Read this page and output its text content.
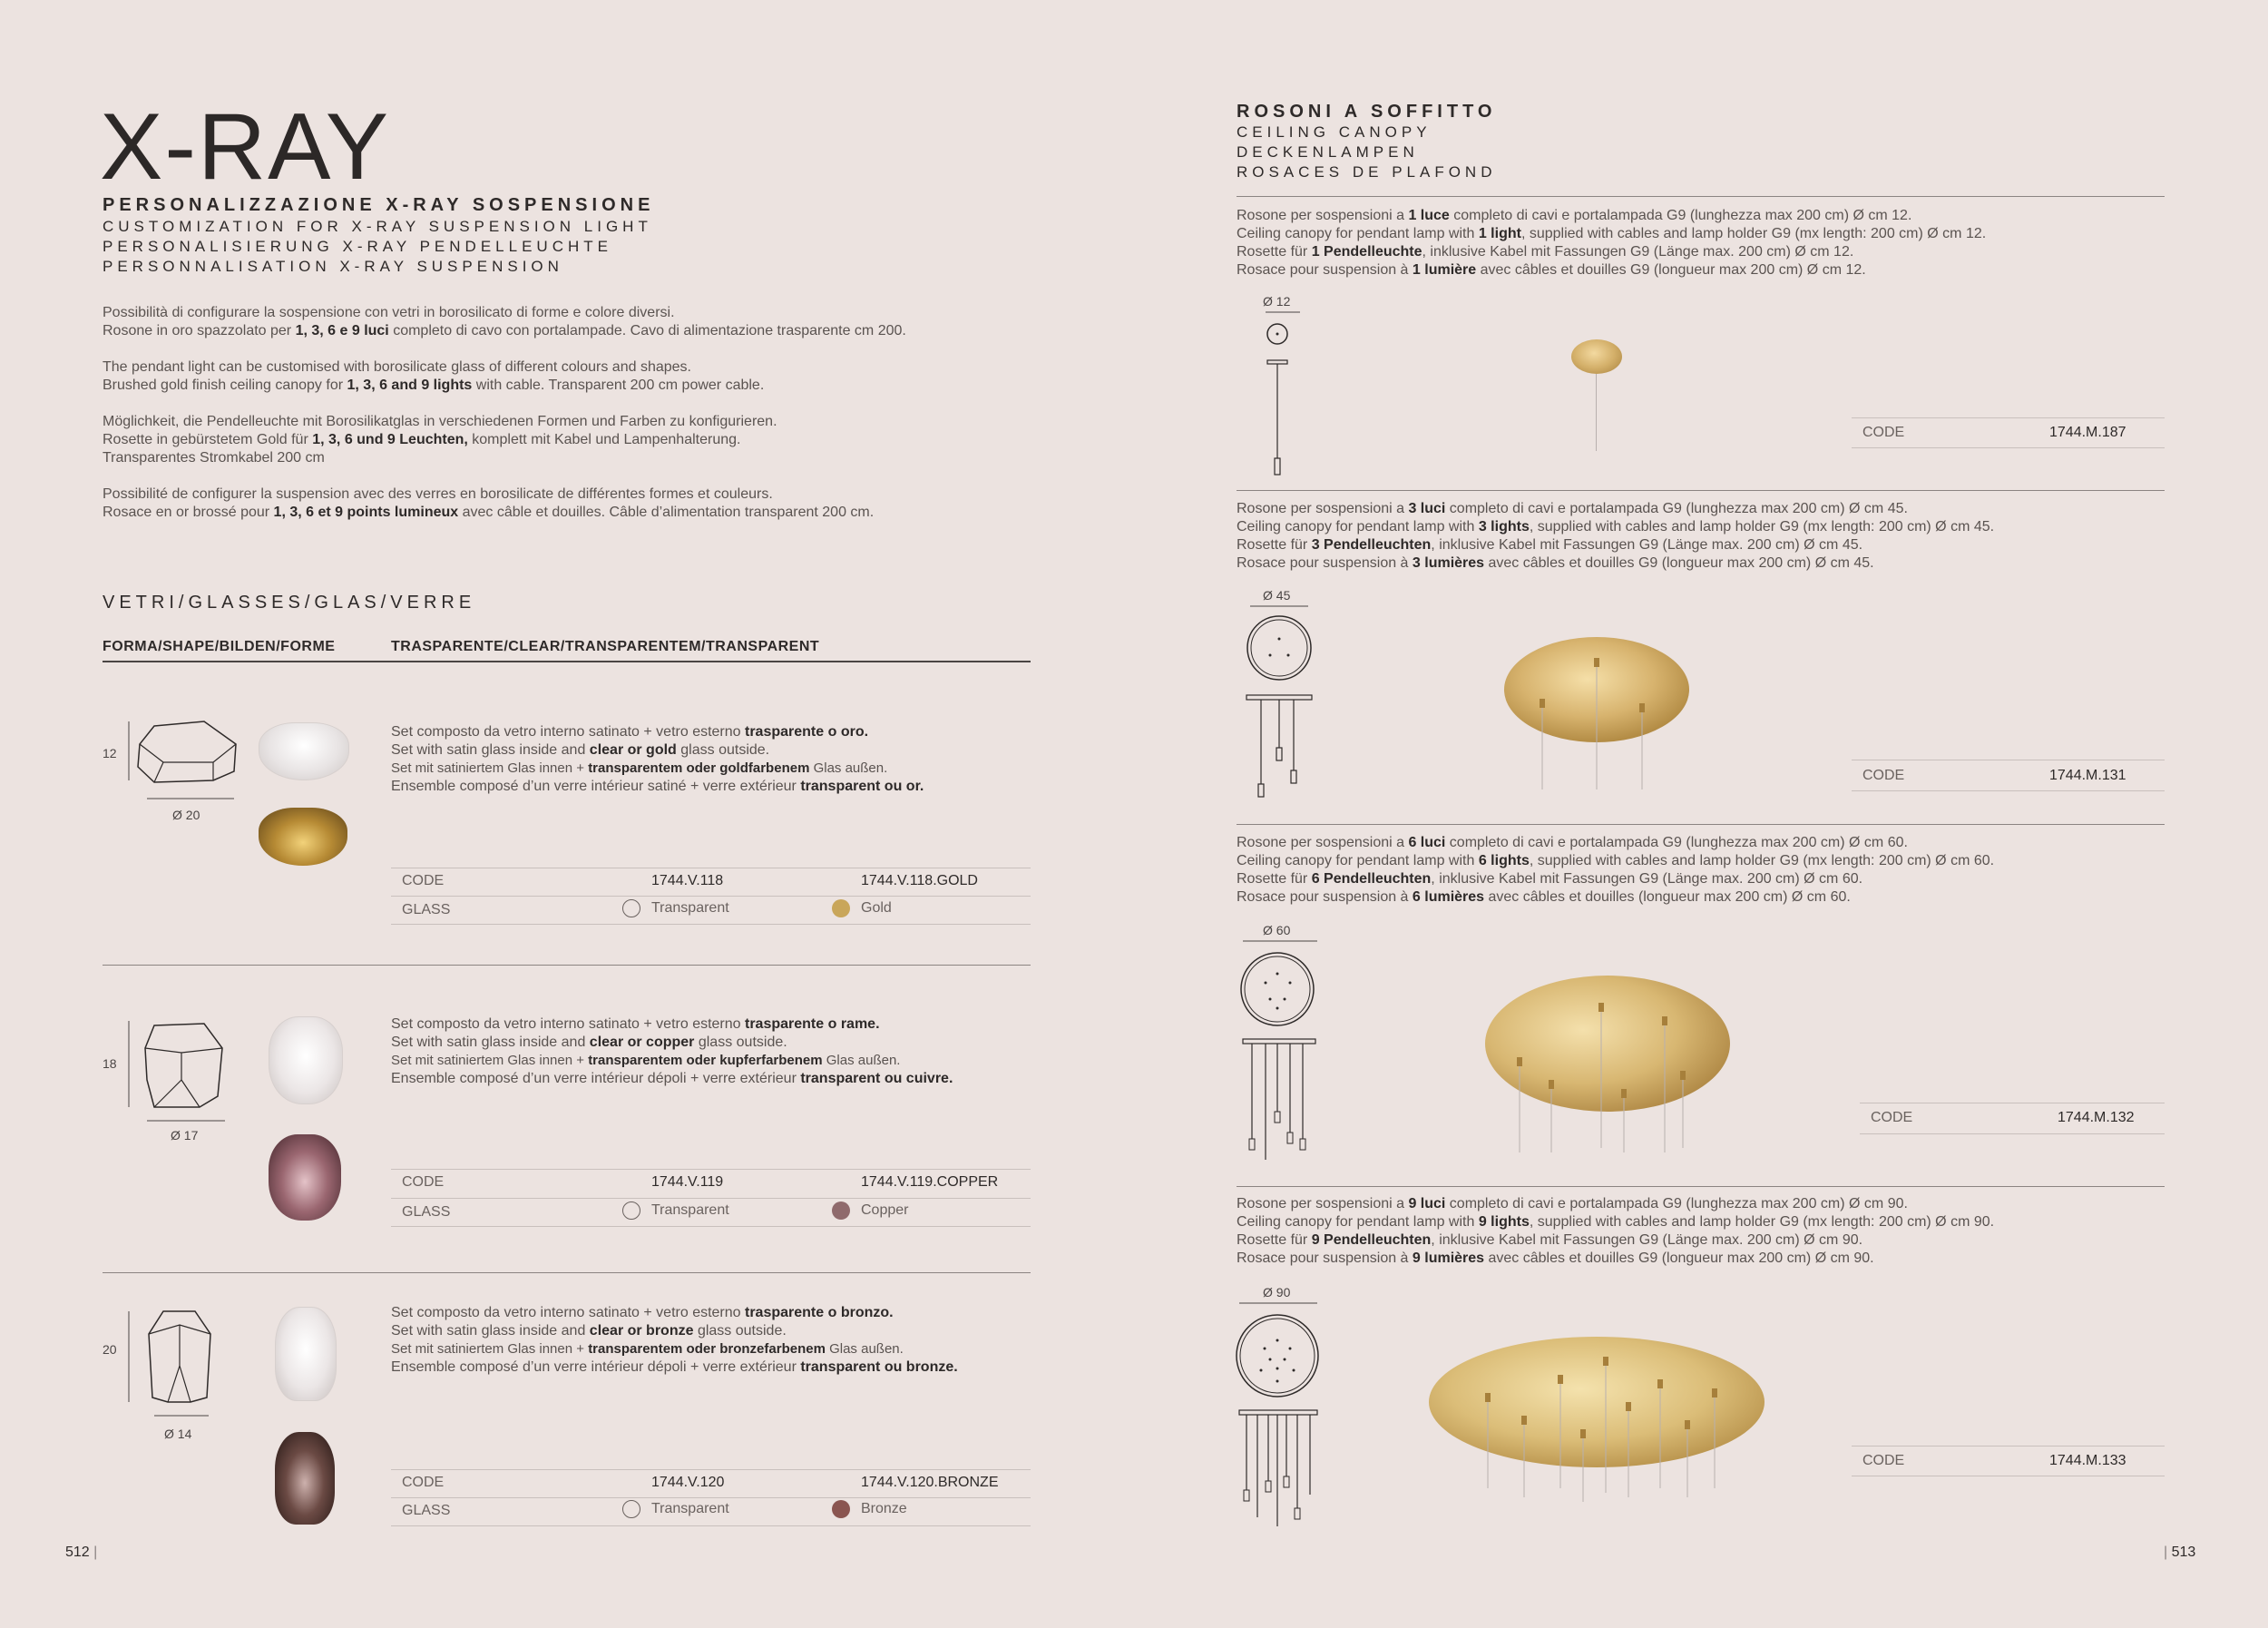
X-RAY
PERSONALIZZAZIONE X-RAY SOSPENSIONE
CUSTOMIZATION FOR X-RAY SUSPENSION LIGHT
PERSONALISIERUNG X-RAY PENDELLEUCHTE
PERSONNALISATION X-RAY SUSPENSION
Possibilità di configurare la sospensione con vetri in borosilicato di forme e colore diversi.
Rosone in oro spazzolato per 1, 3, 6 e 9 luci completo di cavo con portalampade. Cavo di alimentazione trasparente cm 200.
The pendant light can be customised with borosilicate glass of different colours and shapes.
Brushed gold finish ceiling canopy for 1, 3, 6 and 9 lights with cable. Transparent 200 cm power cable.
Möglichkeit, die Pendelleuchte mit Borosilikatglas in verschiedenen Formen und Farben zu konfigurieren.
Rosette in gebürstetem Gold für 1, 3, 6 und 9 Leuchten, komplett mit Kabel und Lampenhalterung.
Transparentes Stromkabel 200 cm
Possibilité de configurer la suspension avec des verres en borosilicate de différentes formes et couleurs.
Rosace en or brossé pour 1, 3, 6 et 9 points lumineux avec câble et douilles. Câble d’alimentation transparent 200 cm.
VETRI/GLASSES/GLAS/VERRE
FORMA/SHAPE/BILDEN/FORME	TRASPARENTE/CLEAR/TRANSPARENTEM/TRANSPARENT
12
Ø 20
Set composto da vetro interno satinato + vetro esterno trasparente o oro.
Set with satin glass inside and clear or gold glass outside.
Set mit satiniertem Glas innen + transparentem oder goldfarbenem Glas außen.
Ensemble composé d’un verre intérieur satiné + verre extérieur transparent ou or.
CODE	1744.V.118	1744.V.118.GOLD
GLASS	Transparent	Gold
18
Ø 17
Set composto da vetro interno satinato + vetro esterno trasparente o rame.
Set with satin glass inside and clear or copper glass outside.
Set mit satiniertem Glas innen + transparentem oder kupferfarbenem Glas außen.
Ensemble composé d’un verre intérieur dépoli + verre extérieur transparent ou cuivre.
CODE	1744.V.119	1744.V.119.COPPER
GLASS	Transparent	Copper
20
Ø 14
Set composto da vetro interno satinato + vetro esterno trasparente o bronzo.
Set with satin glass inside and clear or bronze glass outside.
Set mit satiniertem Glas innen + transparentem oder bronzefarbenem Glas außen.
Ensemble composé d’un verre intérieur dépoli + verre extérieur transparent ou bronze.
CODE	1744.V.120	1744.V.120.BRONZE
GLASS	Transparent	Bronze
512 |
ROSONI A SOFFITTO
CEILING CANOPY
DECKENLAMPEN
ROSACES DE PLAFOND
Rosone per sospensioni a 1 luce completo di cavi e portalampada G9 (lunghezza max 200 cm) Ø cm 12.
Ceiling canopy for pendant lamp with 1 light, supplied with cables and lamp holder G9 (mx length: 200 cm) Ø cm 12.
Rosette für 1 Pendelleuchte, inklusive Kabel mit Fassungen G9 (Länge max. 200 cm) Ø cm 12.
Rosace pour suspension à 1 lumière avec câbles et douilles G9 (longueur max 200 cm) Ø cm 12.
Ø 12
CODE	1744.M.187
Rosone per sospensioni a 3 luci completo di cavi e portalampada G9 (lunghezza max 200 cm) Ø cm 45.
Ceiling canopy for pendant lamp with 3 lights, supplied with cables and lamp holder G9 (mx length: 200 cm) Ø cm 45.
Rosette für 3 Pendelleuchten, inklusive Kabel mit Fassungen G9 (Länge max. 200 cm) Ø cm 45.
Rosace pour suspension à 3 lumières avec câbles et douilles G9 (longueur max 200 cm) Ø cm 45.
Ø 45
CODE	1744.M.131
Rosone per sospensioni a 6 luci completo di cavi e portalampada G9 (lunghezza max 200 cm) Ø cm 60.
Ceiling canopy for pendant lamp with 6 lights, supplied with cables and lamp holder G9 (mx length: 200 cm) Ø cm 60.
Rosette für 6 Pendelleuchten, inklusive Kabel mit Fassungen G9 (Länge max. 200 cm) Ø cm 60.
Rosace pour suspension à 6 lumières avec câbles et douilles (longueur max 200 cm) Ø cm 60.
Ø 60
CODE	1744.M.132
Rosone per sospensioni a 9 luci completo di cavi e portalampada G9 (lunghezza max 200 cm) Ø cm 90.
Ceiling canopy for pendant lamp with 9 lights, supplied with cables and lamp holder G9 (mx length: 200 cm) Ø cm 90.
Rosette für 9 Pendelleuchten, inklusive Kabel mit Fassungen G9 (Länge max. 200 cm) Ø cm 90.
Rosace pour suspension à 9 lumières avec câbles et douilles G9 (longueur max 200 cm) Ø cm 90.
Ø 90
CODE	1744.M.133
| 513
